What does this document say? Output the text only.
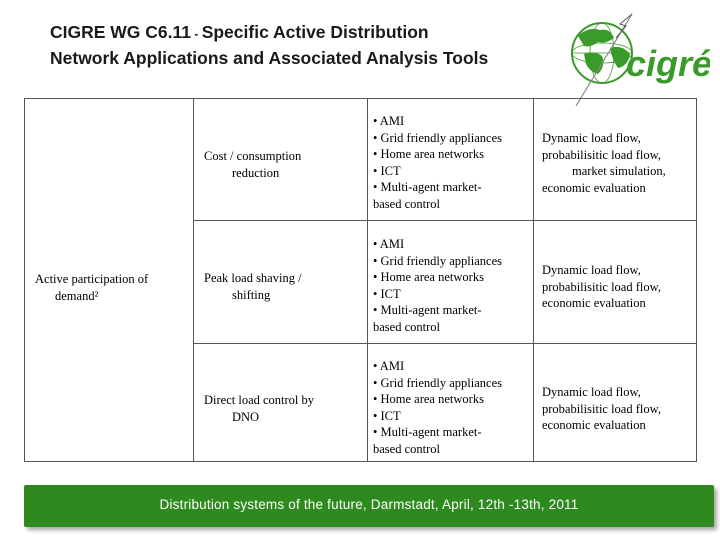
CIGRE WG C6.11 - Specific Active Distribution
Network Applications and Associated Analysis Tools	cigré
Active participation of
demand²
Cost / consumption
reduction
• AMI
• Grid friendly appliances
• Home area networks
• ICT
• Multi-agent market-
based control
Dynamic load flow,
probabilisitic load flow,
market simulation,
economic evaluation
Peak load shaving /
shifting
• AMI
• Grid friendly appliances
• Home area networks
• ICT
• Multi-agent market-
based control
Dynamic load flow,
probabilisitic load flow,
economic evaluation
Direct load control by
DNO
• AMI
• Grid friendly appliances
• Home area networks
• ICT
• Multi-agent market-
based control
Dynamic load flow,
probabilisitic load flow,
economic evaluation
Distribution systems of the future, Darmstadt, April, 12th -13th, 2011
